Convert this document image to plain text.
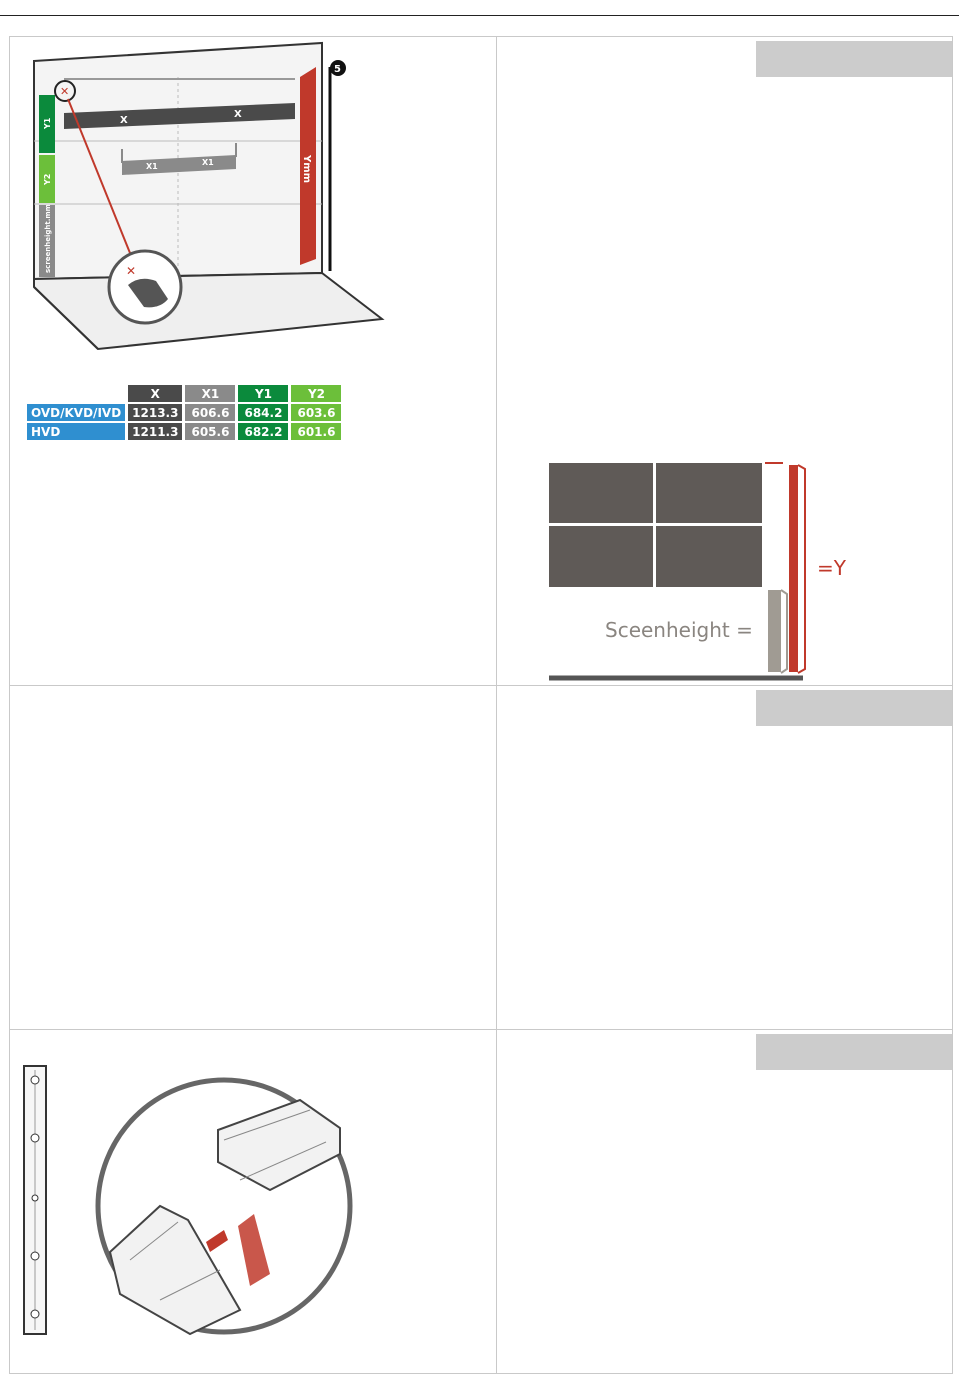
X
X
X1	X1
Y1
Y2
screenheight.mm
Ymm
5
✕
✕
	X	X1	Y1	Y2
OVD/KVD/IVD	1213.3	606.6	684.2	603.6
HVD	1211.3	605.6	682.2	601.6
Sceenheight =
=Y
